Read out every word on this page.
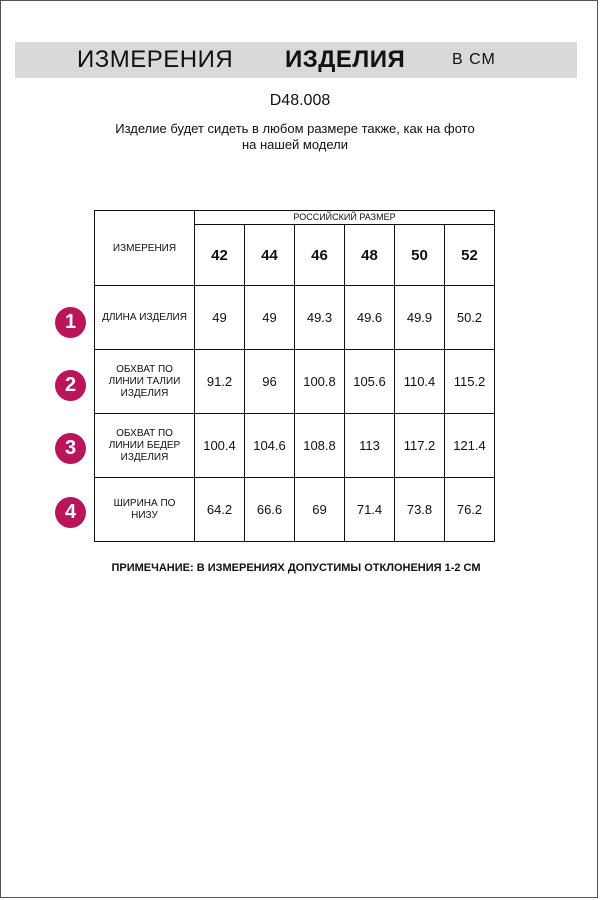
ИЗМЕРЕНИЯ ИЗДЕЛИЯ	В СМ
D48.008
Изделие будет сидеть в любом размере также, как на фото
на нашей модели
ИЗМЕРЕНИЯ	РОССИЙСКИЙ РАЗМЕР					
	42	44	46	48	50	52

ДЛИНА ИЗДЕЛИЯ	49	49	49.3	49.6	49.9	50.2

ОБХВАТ ПО
ЛИНИИ ТАЛИИ
ИЗДЕЛИЯ	91.2	96	100.8	105.6	110.4	115.2

ОБХВАТ ПО
ЛИНИИ БЕДЕР
ИЗДЕЛИЯ	100.4	104.6	108.8	113	117.2	121.4

ШИРИНА ПО
НИЗУ	64.2	66.6	69	71.4	73.8	76.2
1
2
3
4
ПРИМЕЧАНИЕ: В ИЗМЕРЕНИЯХ ДОПУСТИМЫ ОТКЛОНЕНИЯ 1-2 СМ
